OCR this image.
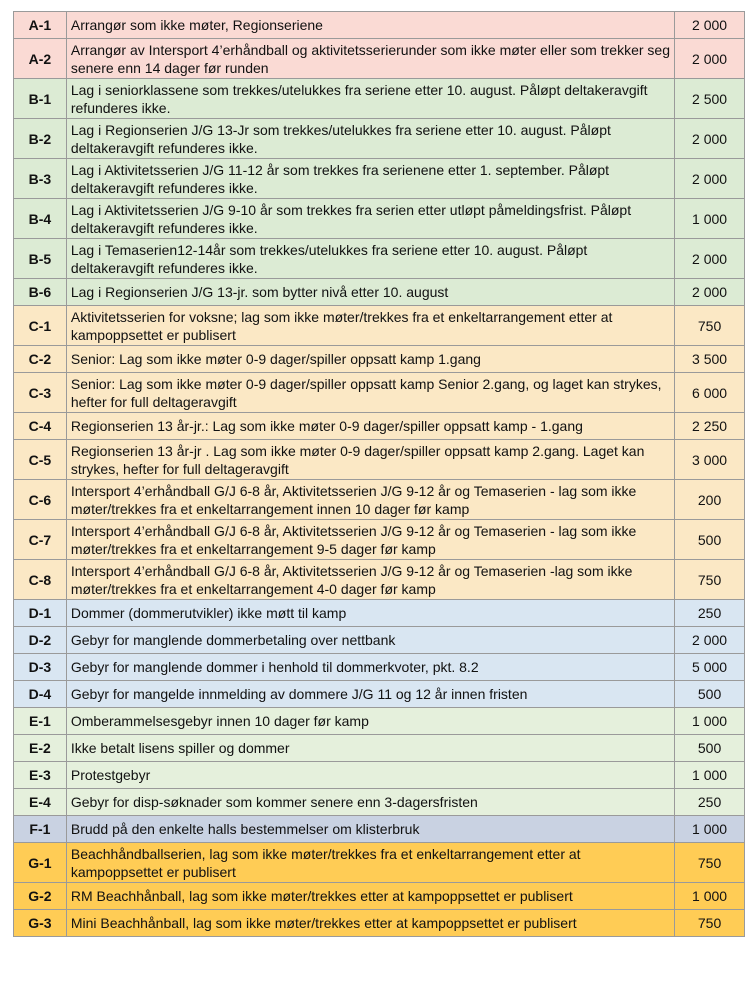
A-1	Arrangør som ikke møter, Regionseriene	2 000
A-2	Arrangør av Intersport 4’erhåndball og aktivitetsserierunder som ikke møter eller som trekker seg senere enn 14 dager før runden	2 000
B-1	Lag i seniorklassene som trekkes/utelukkes fra seriene etter 10. august. Påløpt deltakeravgift refunderes ikke.	2 500
B-2	Lag i Regionserien J/G 13-Jr som trekkes/utelukkes fra seriene etter 10. august. Påløpt deltakeravgift refunderes ikke.	2 000
B-3	Lag i Aktivitetsserien J/G 11-12 år som trekkes fra serienene etter 1. september. Påløpt deltakeravgift refunderes ikke.	2 000
B-4	Lag i Aktivitetsserien J/G 9-10 år som trekkes fra serien etter utløpt påmeldingsfrist. Påløpt deltakeravgift refunderes ikke.	1 000
B-5	Lag i Temaserien12-14år som trekkes/utelukkes fra seriene etter 10. august. Påløpt deltakeravgift refunderes ikke.	2 000
B-6	Lag i Regionserien J/G 13-jr. som bytter nivå etter 10. august	2 000
C-1	Aktivitetsserien for voksne; lag som ikke møter/trekkes fra et enkeltarrangement etter at kampoppsettet er publisert	750
C-2	Senior: Lag som ikke møter 0-9 dager/spiller oppsatt kamp 1.gang	3 500
C-3	Senior: Lag som ikke møter 0-9 dager/spiller oppsatt kamp Senior 2.gang, og laget kan strykes, hefter for full deltageravgift	6 000
C-4	Regionserien 13 år-jr.: Lag som ikke møter 0-9 dager/spiller oppsatt kamp - 1.gang	2 250
C-5	Regionserien 13 år-jr . Lag som ikke møter 0-9 dager/spiller oppsatt kamp 2.gang. Laget kan strykes, hefter for full deltageravgift	3 000
C-6	Intersport 4’erhåndball G/J 6-8 år, Aktivitetsserien J/G 9-12 år og Temaserien - lag som ikke møter/trekkes fra et enkeltarrangement innen 10 dager før kamp	200
C-7	Intersport 4’erhåndball G/J 6-8 år, Aktivitetsserien J/G 9-12 år og Temaserien - lag som ikke møter/trekkes fra et enkeltarrangement 9-5 dager før kamp	500
C-8	Intersport 4’erhåndball G/J 6-8 år, Aktivitetsserien J/G 9-12 år og Temaserien -lag som ikke møter/trekkes fra et enkeltarrangement 4-0 dager før kamp	750
D-1	Dommer (dommerutvikler) ikke møtt til kamp	250
D-2	Gebyr for manglende dommerbetaling over nettbank	2 000
D-3	Gebyr for manglende dommer i henhold til dommerkvoter, pkt. 8.2	5 000
D-4	Gebyr for mangelde innmelding av dommere J/G 11 og 12 år innen fristen	500
E-1	Omberammelsesgebyr innen 10 dager før kamp	1 000
E-2	Ikke betalt lisens spiller og dommer	500
E-3	Protestgebyr	1 000
E-4	Gebyr for disp-søknader som kommer senere enn 3-dagersfristen	250
F-1	Brudd på den enkelte halls bestemmelser om klisterbruk	1 000
G-1	Beachhåndballserien, lag som ikke møter/trekkes fra et enkeltarrangement etter at kampoppsettet er publisert	750
G-2	RM Beachhånball, lag som ikke møter/trekkes etter at kampoppsettet er publisert	1 000
G-3	Mini Beachhånball, lag som ikke møter/trekkes etter at kampoppsettet er publisert	750
